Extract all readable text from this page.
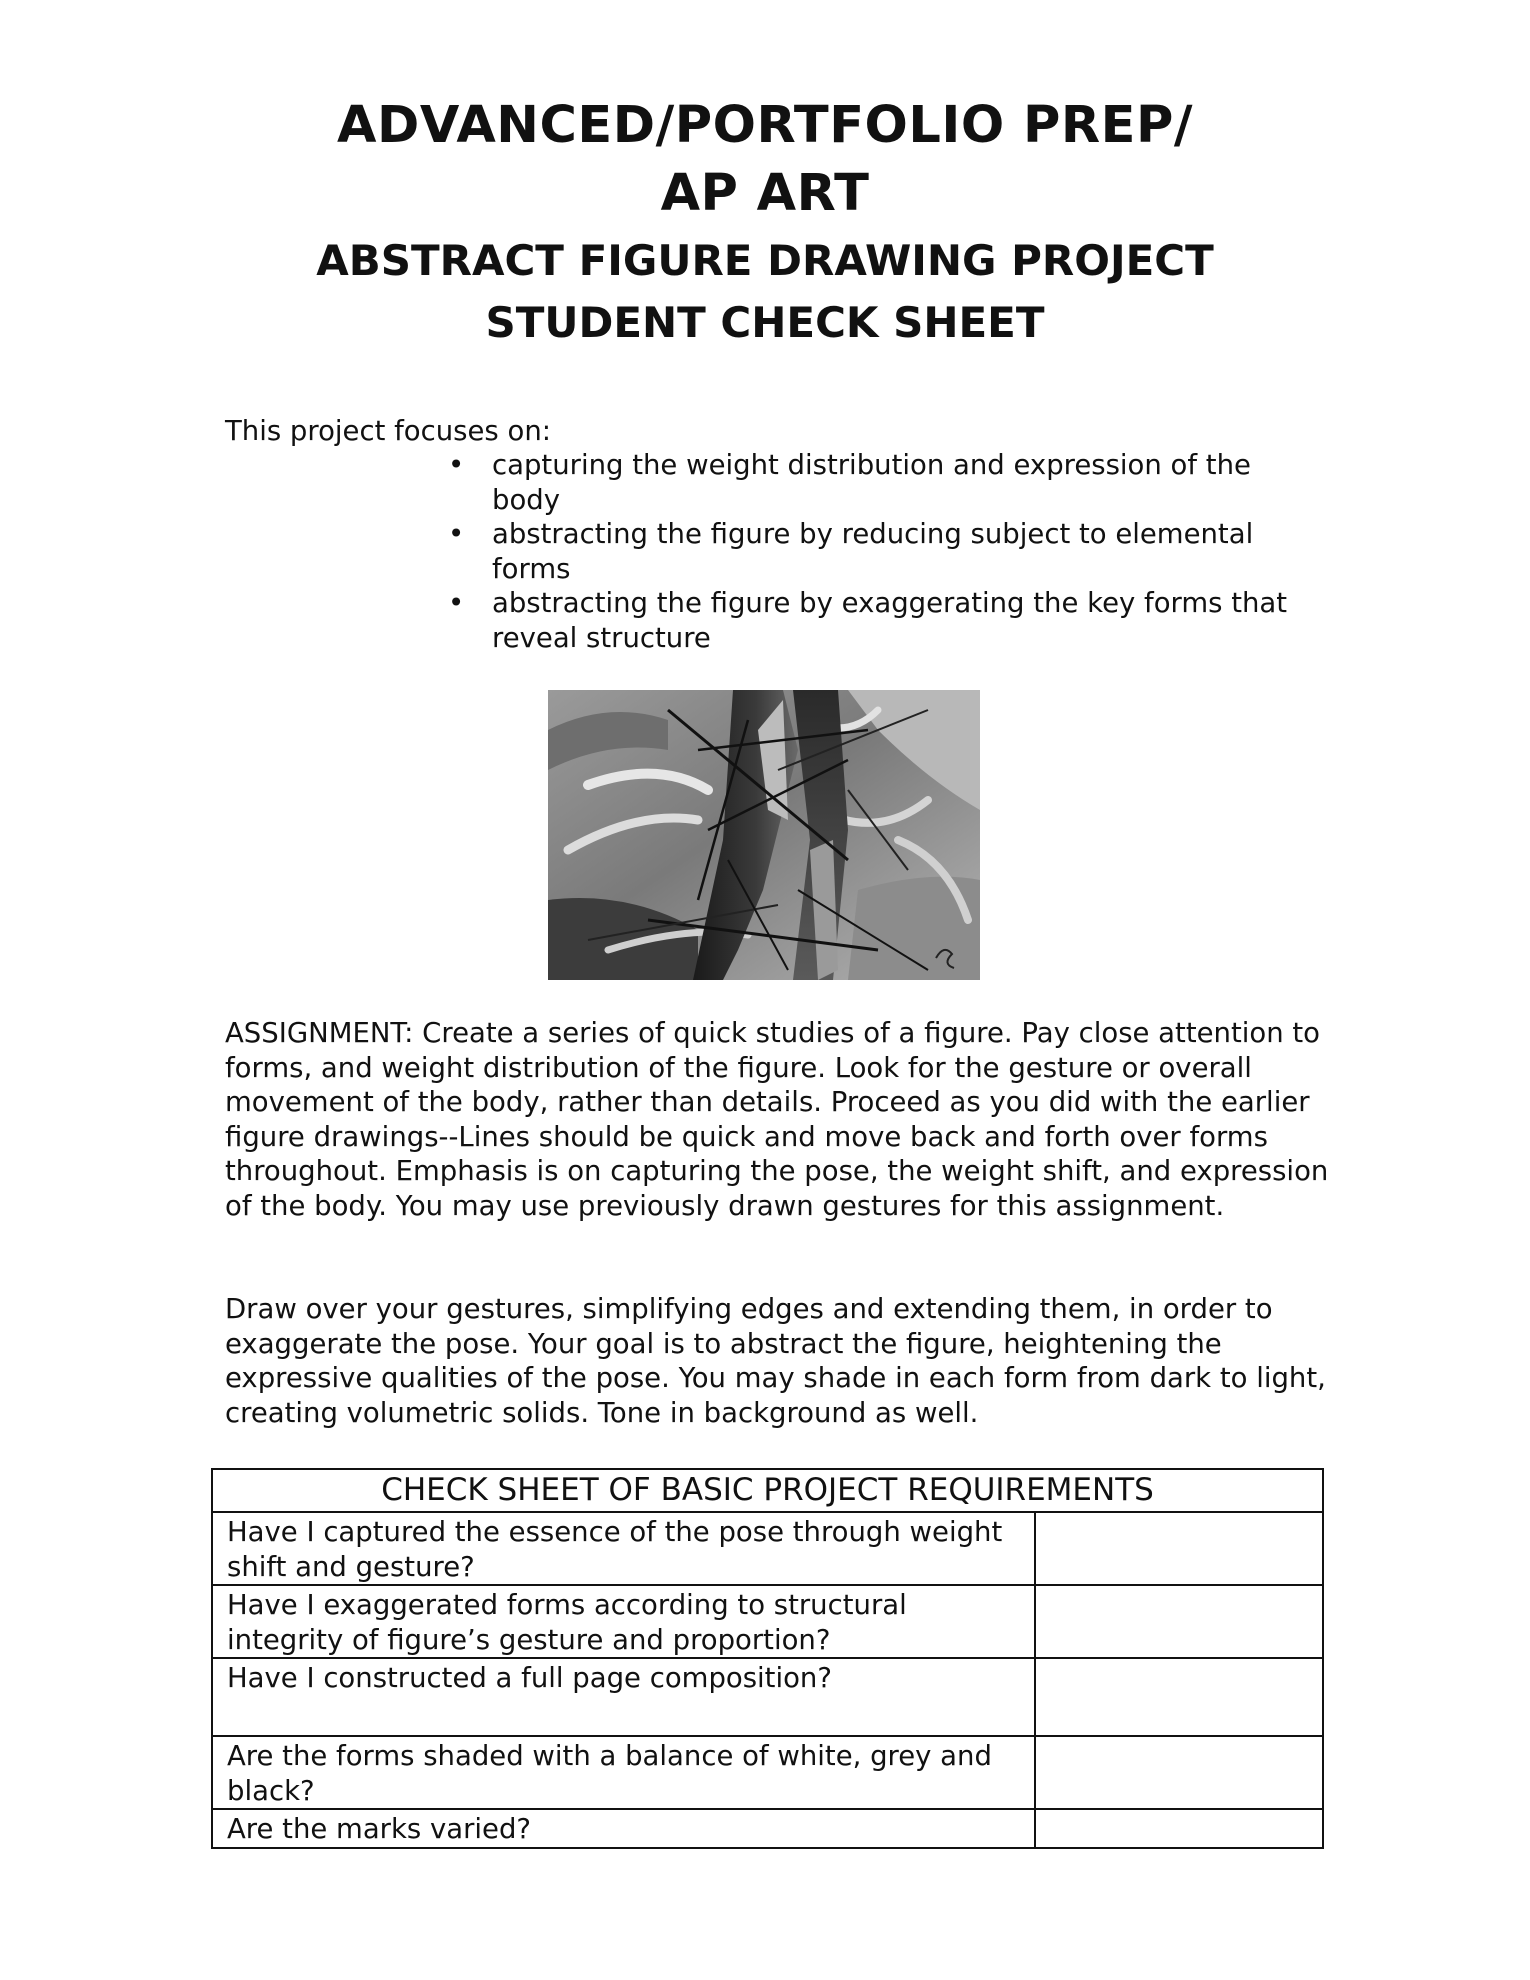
ADVANCED/PORTFOLIO PREP/
AP ART
ABSTRACT FIGURE DRAWING PROJECT
STUDENT CHECK SHEET
This project focuses on:
• capturing the weight distribution and expression of the body
• abstracting the figure by reducing subject to elemental forms
• abstracting the figure by exaggerating the key forms that reveal structure
ASSIGNMENT: Create a series of quick studies of a figure. Pay close attention to forms, and weight distribution of the figure. Look for the gesture or overall movement of the body, rather than details. Proceed as you did with the earlier figure drawings--Lines should be quick and move back and forth over forms throughout. Emphasis is on capturing the pose, the weight shift, and expression of the body. You may use previously drawn gestures for this assignment.
Draw over your gestures, simplifying edges and extending them, in order to exaggerate the pose. Your goal is to abstract the figure, heightening the expressive qualities of the pose. You may shade in each form from dark to light, creating volumetric solids. Tone in background as well.
CHECK SHEET OF BASIC PROJECT REQUIREMENTS	
Have I captured the essence of the pose through weight shift and gesture?	
Have I exaggerated forms according to structural integrity of figure’s gesture and proportion?	
Have I constructed a full page composition?	
Are the forms shaded with a balance of white, grey and black?	
Are the marks varied?	
